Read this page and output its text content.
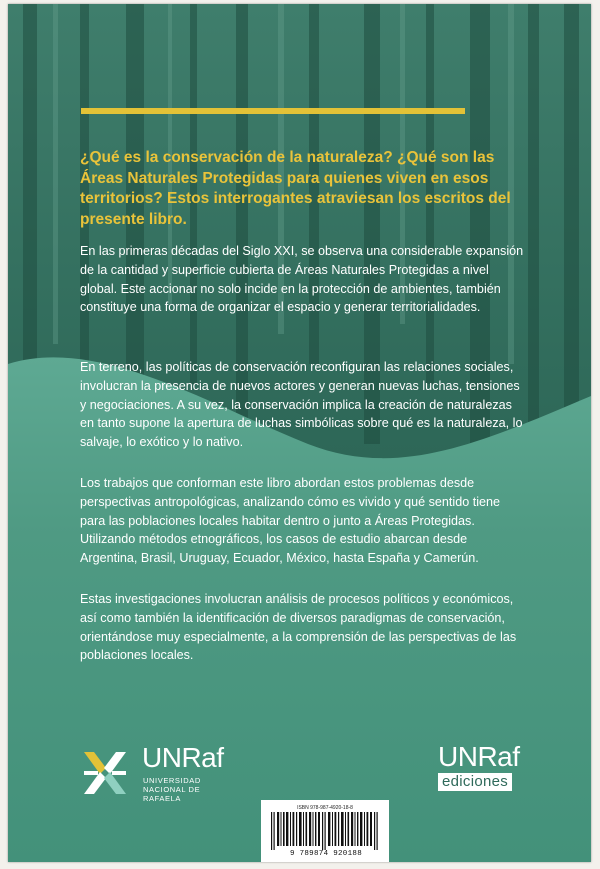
¿Qué es la conservación de la naturaleza? ¿Qué son las Áreas Naturales Protegidas para quienes viven en esos territorios? Estos interrogantes atraviesan los escritos del presente libro.

En las primeras décadas del Siglo XXI, se observa una considerable expansión de la cantidad y superficie cubierta de Áreas Naturales Protegidas a nivel global. Este accionar no solo incide en la protección de ambientes, también constituye una forma de organizar el espacio y generar territorialidades.

En terreno, las políticas de conservación reconfiguran las relaciones sociales, involucran la presencia de nuevos actores y generan nuevas luchas, tensiones y negociaciones. A su vez, la conservación implica la creación de naturalezas en tanto supone la apertura de luchas simbólicas sobre qué es la naturaleza, lo salvaje, lo exótico y lo nativo.

Los trabajos que conforman este libro abordan estos problemas desde perspectivas antropológicas, analizando cómo es vivido y qué sentido tiene para las poblaciones locales habitar dentro o junto a Áreas Protegidas. Utilizando métodos etnográficos, los casos de estudio abarcan desde Argentina, Brasil, Uruguay, Ecuador, México, hasta España y Camerún.

Estas investigaciones involucran análisis de procesos políticos y económicos, así como también la identificación de diversos paradigmas de conservación, orientándose muy especialmente, a la comprensión de las perspectivas de las poblaciones locales.

UNRaf
UNIVERSIDAD
NACIONAL DE
RAFAELA
UNRaf
ediciones
ISBN 978-987-4920-18-8
9 789874 920188
